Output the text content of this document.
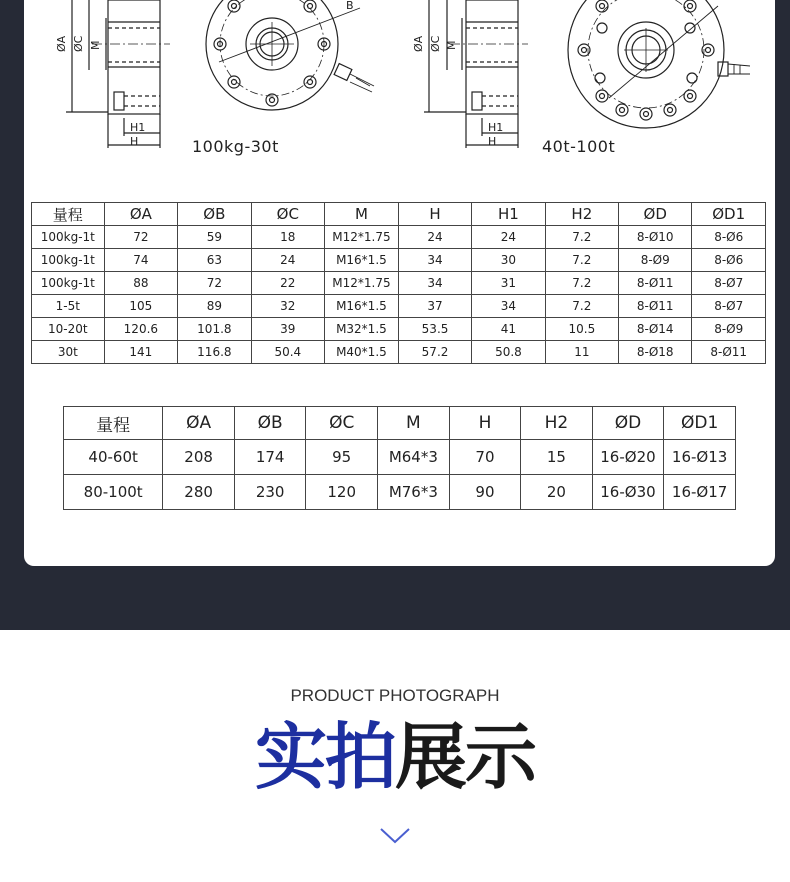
ØA ØC M
H1
H
B
ØA ØC M
H1
H
100kg-30t	40t-100t
量程	ØA	ØB	ØC	M	H	H1	H2	ØD	ØD1
100kg-1t	72	59	18	M12*1.75	24	24	7.2	8-Ø10	8-Ø6
100kg-1t	74	63	24	M16*1.5	34	30	7.2	8-Ø9	8-Ø6
100kg-1t	88	72	22	M12*1.75	34	31	7.2	8-Ø11	8-Ø7
1-5t	105	89	32	M16*1.5	37	34	7.2	8-Ø11	8-Ø7
10-20t	120.6	101.8	39	M32*1.5	53.5	41	10.5	8-Ø14	8-Ø9
30t	141	116.8	50.4	M40*1.5	57.2	50.8	11	8-Ø18	8-Ø11
量程	ØA	ØB	ØC	M	H	H2	ØD	ØD1
40-60t	208	174	95	M64*3	70	15	16-Ø20	16-Ø13
80-100t	280	230	120	M76*3	90	20	16-Ø30	16-Ø17
PRODUCT PHOTOGRAPH
实拍展示
